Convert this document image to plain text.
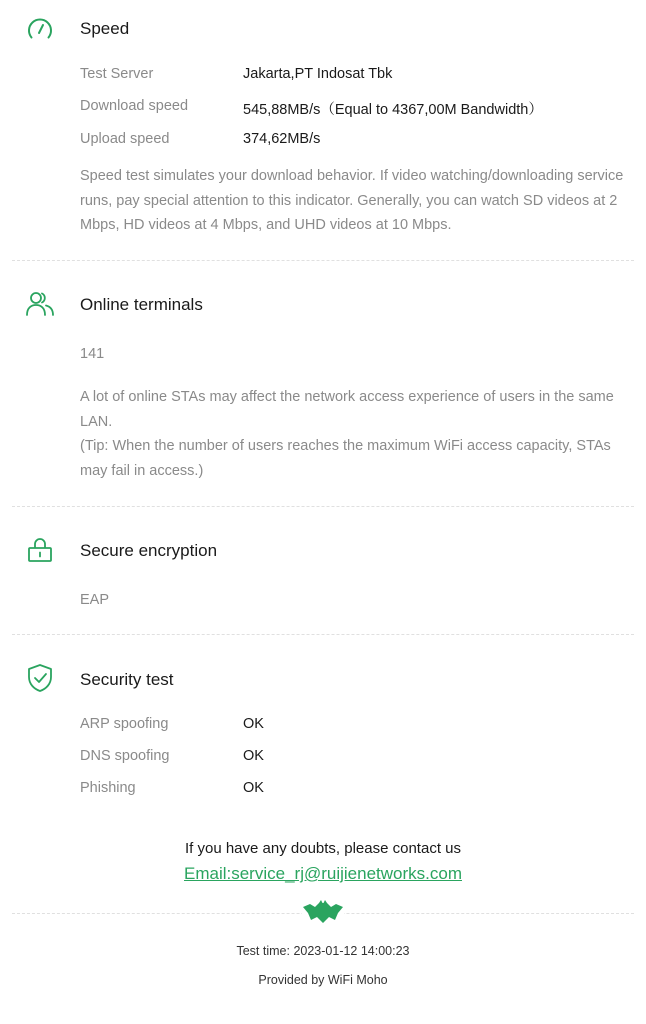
Speed
Test Server	Jakarta,PT Indosat Tbk
Download speed	545,88MB/s（Equal to 4367,00M Bandwidth）
Upload speed	374,62MB/s
Speed test simulates your download behavior. If video watching/downloading service runs, pay special attention to this indicator. Generally, you can watch SD videos at 2 Mbps, HD videos at 4 Mbps, and UHD videos at 10 Mbps.
Online terminals
141
A lot of online STAs may affect the network access experience of users in the same LAN.
(Tip: When the number of users reaches the maximum WiFi access capacity, STAs may fail in access.)
Secure encryption
EAP
Security test
ARP spoofing	OK
DNS spoofing	OK
Phishing	OK
If you have any doubts, please contact us
Email:service_rj@ruijienetworks.com
Test time: 2023-01-12 14:00:23
Provided by WiFi Moho
